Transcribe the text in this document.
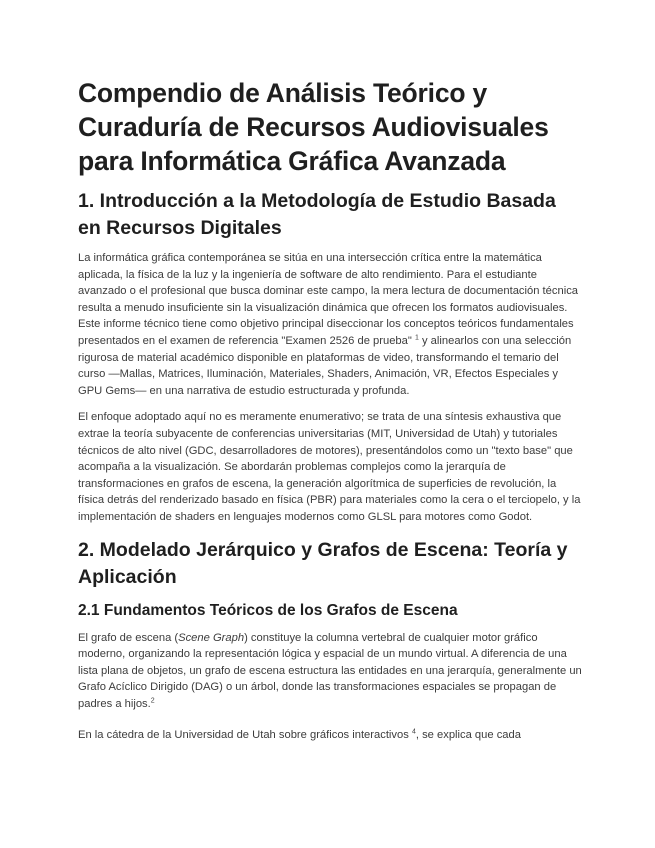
Compendio de Análisis Teórico y Curaduría de Recursos Audiovisuales para Informática Gráfica Avanzada
1. Introducción a la Metodología de Estudio Basada en Recursos Digitales

La informática gráfica contemporánea se sitúa en una intersección crítica entre la matemática aplicada, la física de la luz y la ingeniería de software de alto rendimiento. Para el estudiante avanzado o el profesional que busca dominar este campo, la mera lectura de documentación técnica resulta a menudo insuficiente sin la visualización dinámica que ofrecen los formatos audiovisuales. Este informe técnico tiene como objetivo principal diseccionar los conceptos teóricos fundamentales presentados en el examen de referencia "Examen 2526 de prueba" $^1$ y alinearlos con una selección rigurosa de material académico disponible en plataformas de video, transformando el temario del curso —Mallas, Matrices, Iluminación, Materiales, Shaders, Animación, VR, Efectos Especiales y GPU Gems— en una narrativa de estudio estructurada y profunda.

El enfoque adoptado aquí no es meramente enumerativo; se trata de una síntesis exhaustiva que extrae la teoría subyacente de conferencias universitarias (MIT, Universidad de Utah) y tutoriales técnicos de alto nivel (GDC, desarrolladores de motores), presentándolos como un "texto base" que acompaña a la visualización. Se abordarán problemas complejos como la jerarquía de transformaciones en grafos de escena, la generación algorítmica de superficies de revolución, la física detrás del renderizado basado en física (PBR) para materiales como la cera o el terciopelo, y la implementación de shaders en lenguajes modernos como GLSL para motores como Godot.

2. Modelado Jerárquico y Grafos de Escena: Teoría y Aplicación
2.1 Fundamentos Teóricos de los Grafos de Escena

El grafo de escena (Scene Graph) constituye la columna vertebral de cualquier motor gráfico moderno, organizando la representación lógica y espacial de un mundo virtual. A diferencia de una lista plana de objetos, un grafo de escena estructura las entidades en una jerarquía, generalmente un Grafo Acíclico Dirigido (DAG) o un árbol, donde las transformaciones espaciales se propagan de padres a hijos.$^2$

En la cátedra de la Universidad de Utah sobre gráficos interactivos $^4$, se explica que cada
